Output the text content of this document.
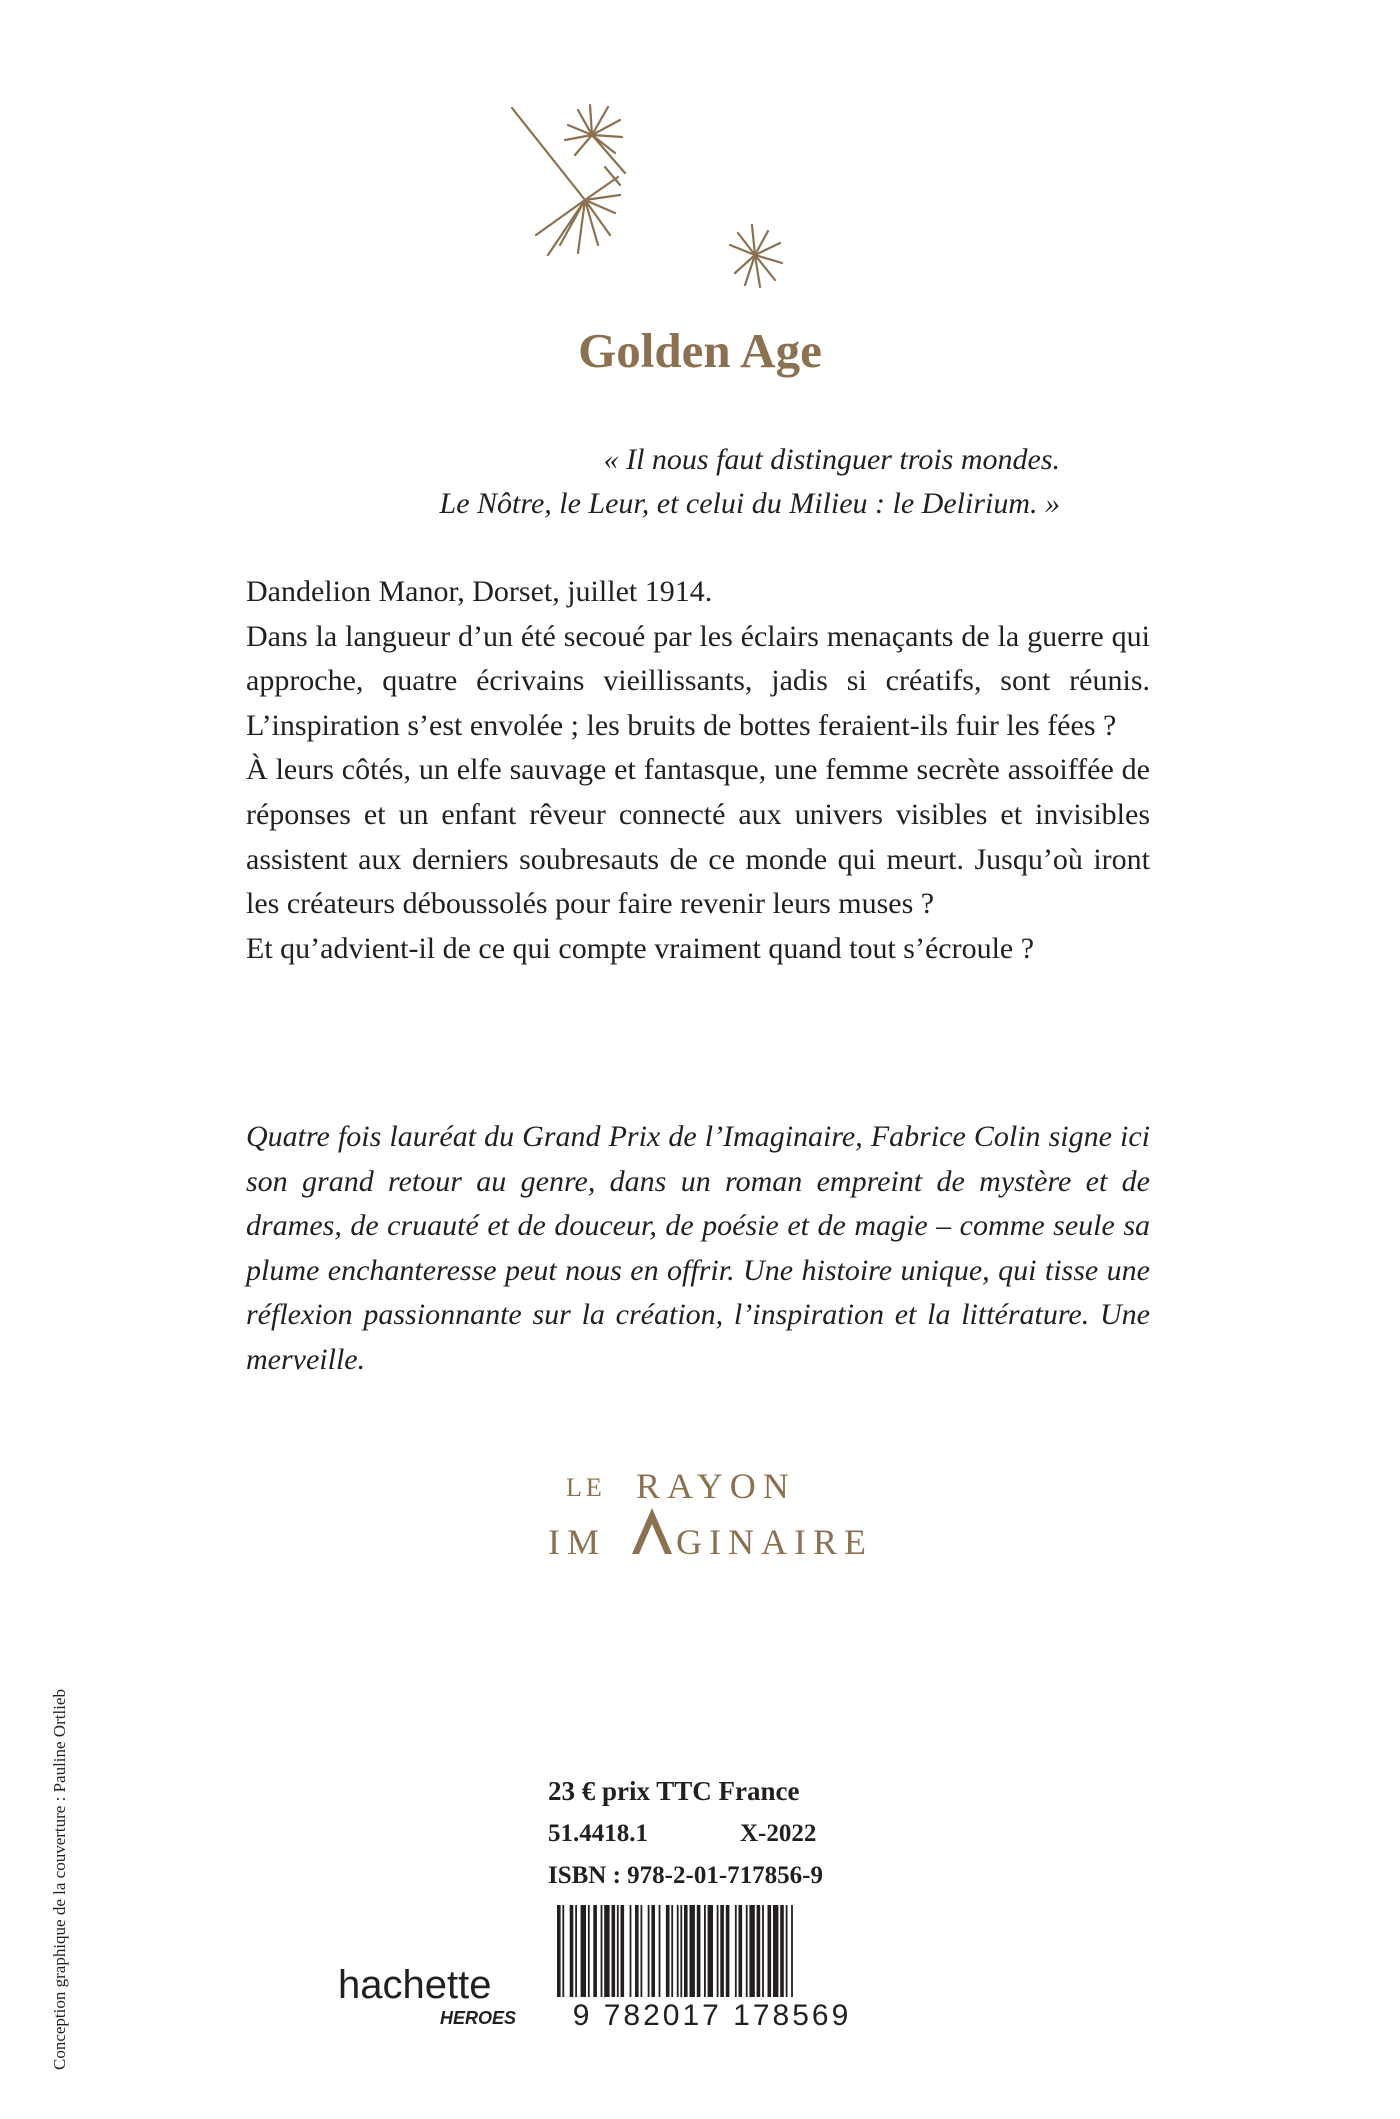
Golden Age
« Il nous faut distinguer trois mondes.
Le Nôtre, le Leur, et celui du Milieu : le Delirium. »

Dandelion Manor, Dorset, juillet 1914.

Dans la langueur d’un été secoué par les éclairs menaçants de la guerre qui approche, quatre écrivains vieillissants, jadis si créatifs, sont réunis. L’inspiration s’est envolée ; les bruits de bottes feraient-ils fuir les fées ?

À leurs côtés, un elfe sauvage et fantasque, une femme secrète assoiffée de réponses et un enfant rêveur connecté aux univers visibles et invisibles assistent aux derniers soubresauts de ce monde qui meurt. Jusqu’où iront les créateurs déboussolés pour faire revenir leurs muses ?

Et qu’advient-il de ce qui compte vraiment quand tout s’écroule ?

Quatre fois lauréat du Grand Prix de l’Imaginaire, Fabrice Colin signe ici son grand retour au genre, dans un roman empreint de mystère et de drames, de cruauté et de douceur, de poésie et de magie – comme seule sa plume enchanteresse peut nous en offrir. Une histoire unique, qui tisse une réflexion passionnante sur la création, l’inspiration et la littérature. Une merveille.
LE RAYON
IM GINAIRE
Conception graphique de la couverture : Pauline Ortlieb	23 € prix TTC France
51.4418.1	X-2022
ISBN : 978-2-01-717856-9
9 782017 178569
hachette
HEROES
